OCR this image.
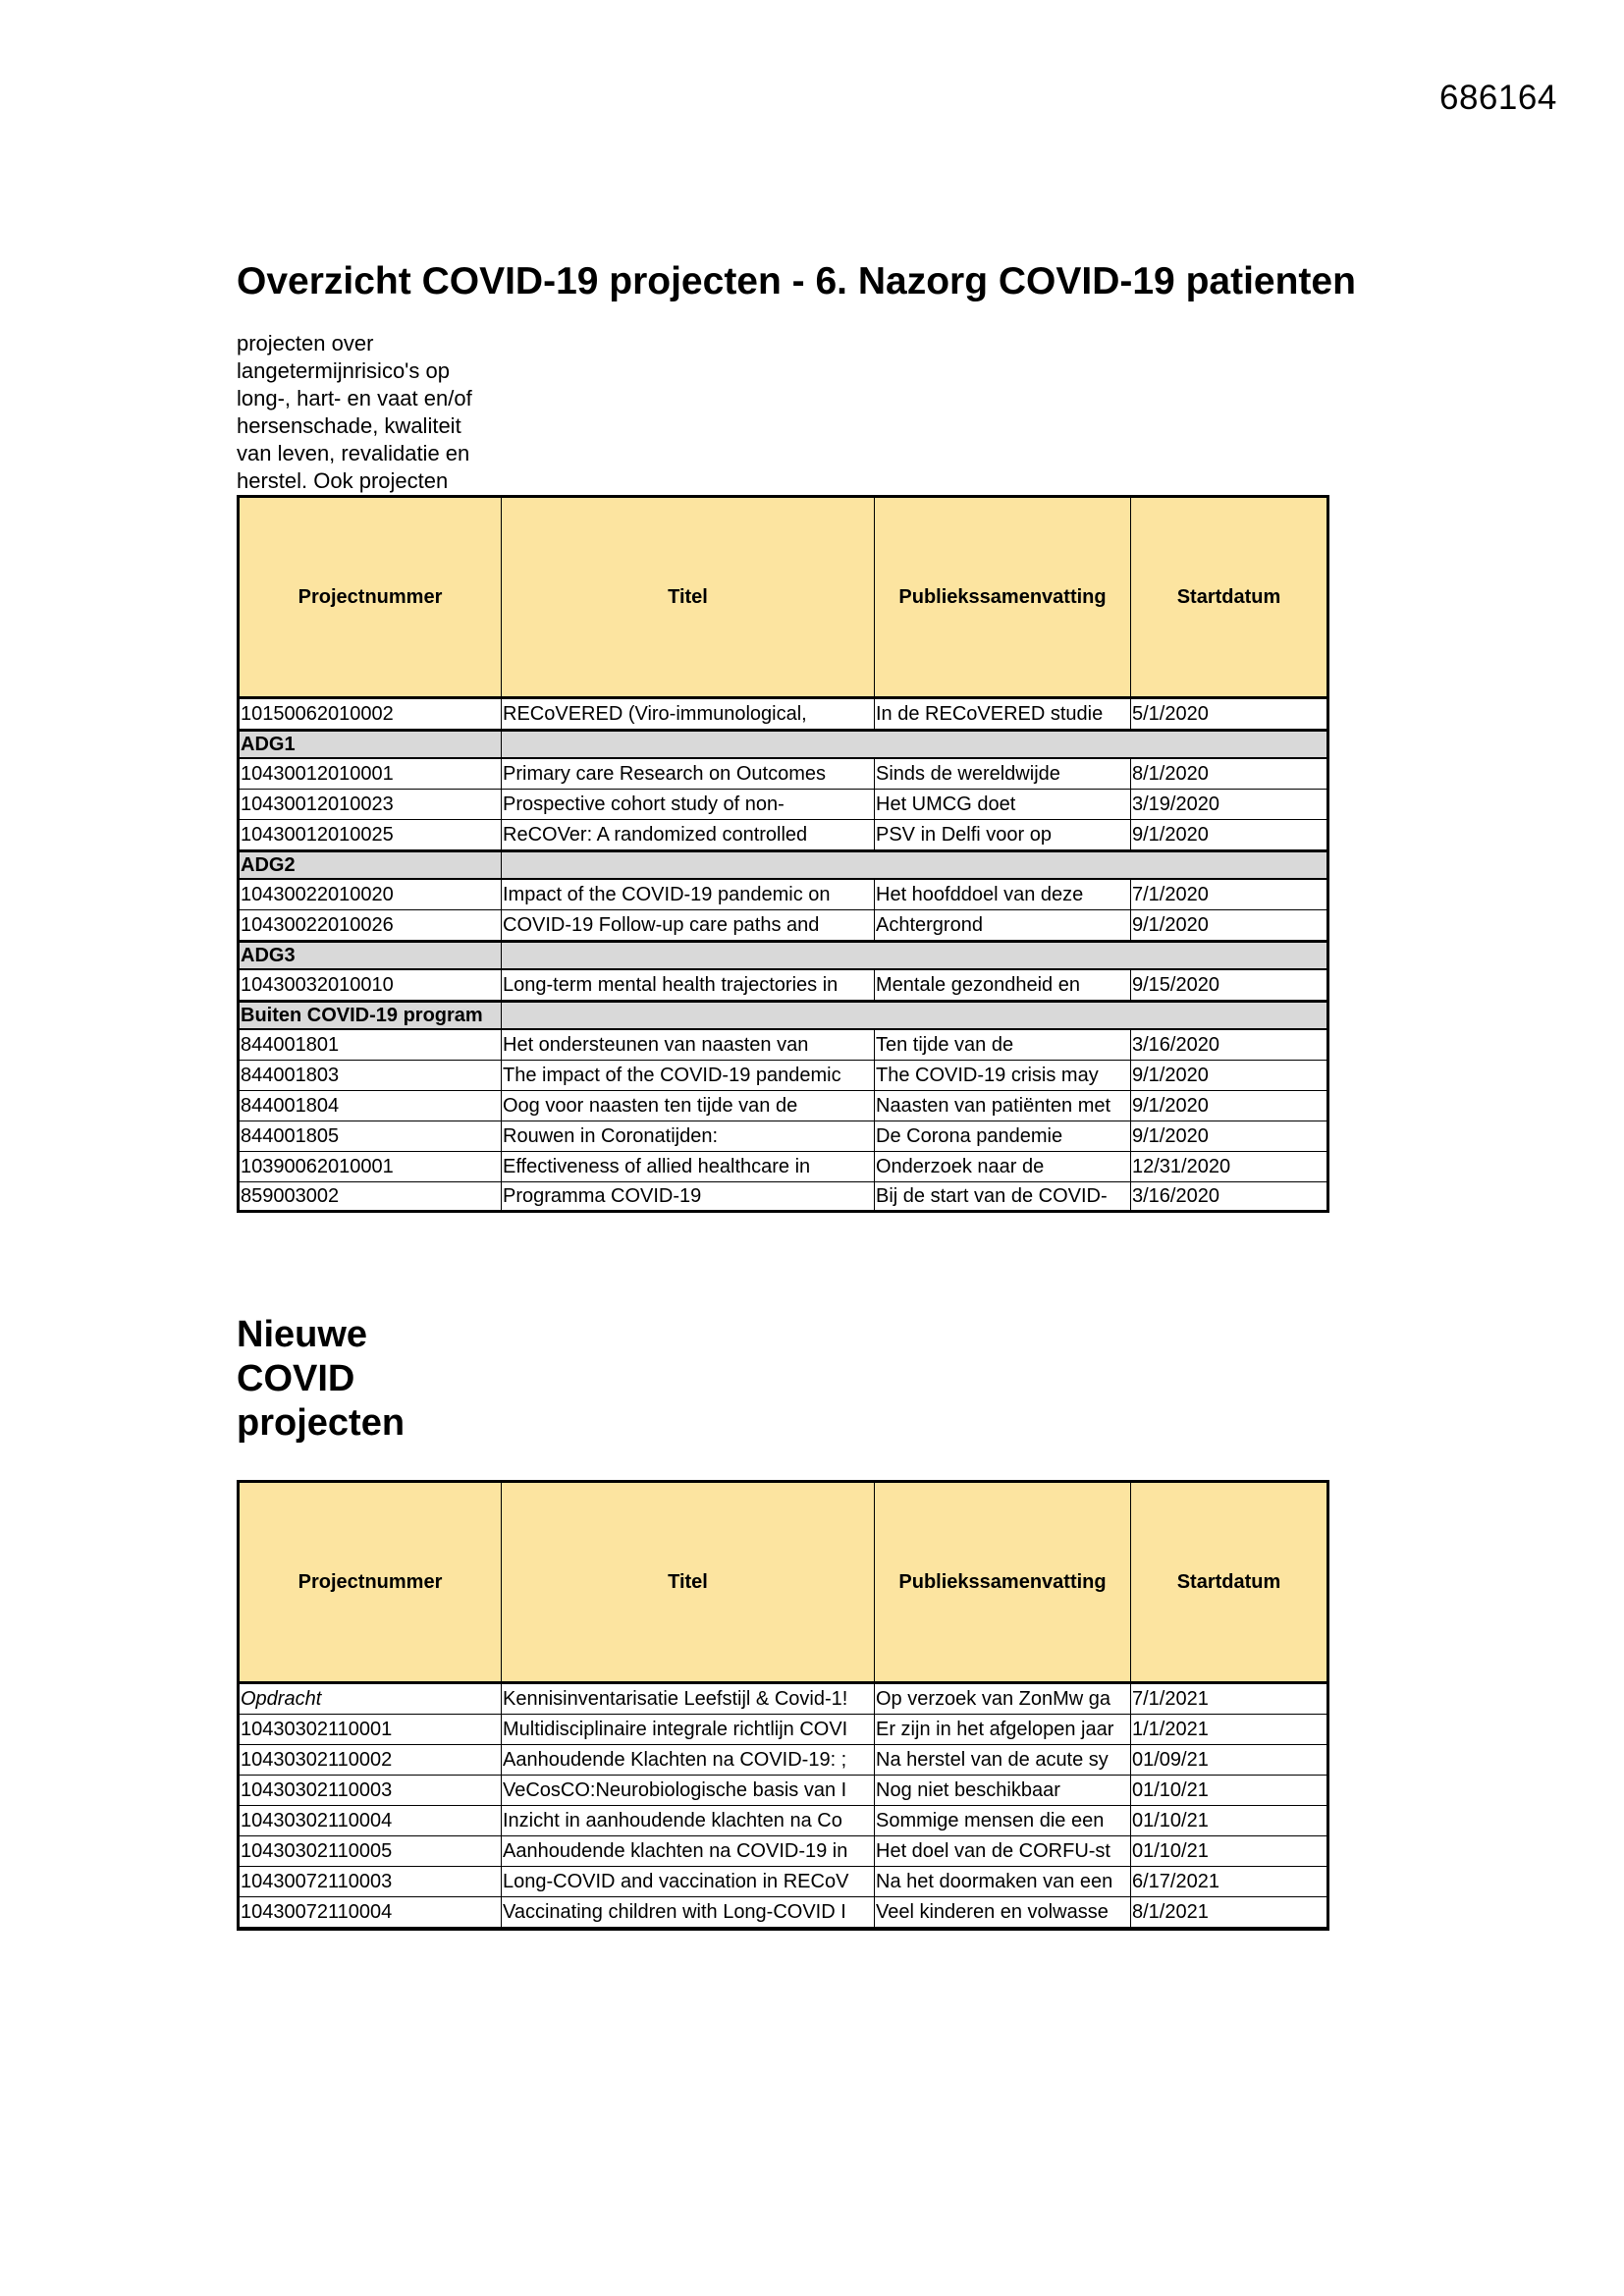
686164
Overzicht COVID-19 projecten - 6. Nazorg COVID-19 patienten
projecten over
langetermijnrisico's op
long-, hart- en vaat en/of
hersenschade, kwaliteit
van leven, revalidatie en
herstel. Ook projecten
Projectnummer	Titel	Publiekssamenvatting	Startdatum
10150062010002	RECoVERED (Viro-immunological,	In de RECoVERED studie	5/1/2020
ADG1
10430012010001	Primary care Research on Outcomes	Sinds de wereldwijde	8/1/2020
10430012010023	Prospective cohort study of non-	Het UMCG doet	3/19/2020
10430012010025	ReCOVer: A randomized controlled	PSV in Delfi voor op	9/1/2020
ADG2
10430022010020	Impact of the COVID-19 pandemic on	Het hoofddoel van deze	7/1/2020
10430022010026	COVID-19 Follow-up care paths and	Achtergrond	9/1/2020
ADG3
10430032010010	Long-term mental health trajectories in	Mentale gezondheid en	9/15/2020
Buiten COVID-19 program
844001801	Het ondersteunen van naasten van	Ten tijde van de	3/16/2020
844001803	The impact of the COVID-19 pandemic	The COVID-19 crisis may	9/1/2020
844001804	Oog voor naasten ten tijde van de	Naasten van patiënten met	9/1/2020
844001805	Rouwen in Coronatijden:	De Corona pandemie	9/1/2020
10390062010001	Effectiveness of allied healthcare in	Onderzoek naar de	12/31/2020
859003002	Programma COVID-19	Bij de start van de COVID-	3/16/2020
Nieuwe
COVID
projecten
Projectnummer	Titel	Publiekssamenvatting	Startdatum
Opdracht	Kennisinventarisatie Leefstijl & Covid-1!	Op verzoek van ZonMw ga	7/1/2021
10430302110001	Multidisciplinaire integrale richtlijn COVI	Er zijn in het afgelopen jaar 1/1/2021
10430302110002	Aanhoudende Klachten na COVID-19: ;	Na herstel van de acute sy	01/09/21
10430302110003	VeCosCO:Neurobiologische basis van I	Nog niet beschikbaar	01/10/21
10430302110004	Inzicht in aanhoudende klachten na Co	Sommige mensen die een	01/10/21
10430302110005	Aanhoudende klachten na COVID-19 in	Het doel van de CORFU-st	01/10/21
10430072110003	Long-COVID and vaccination in RECoV	Na het doormaken van een 6/17/2021
10430072110004	Vaccinating children with Long-COVID I	Veel kinderen en volwasse	8/1/2021
